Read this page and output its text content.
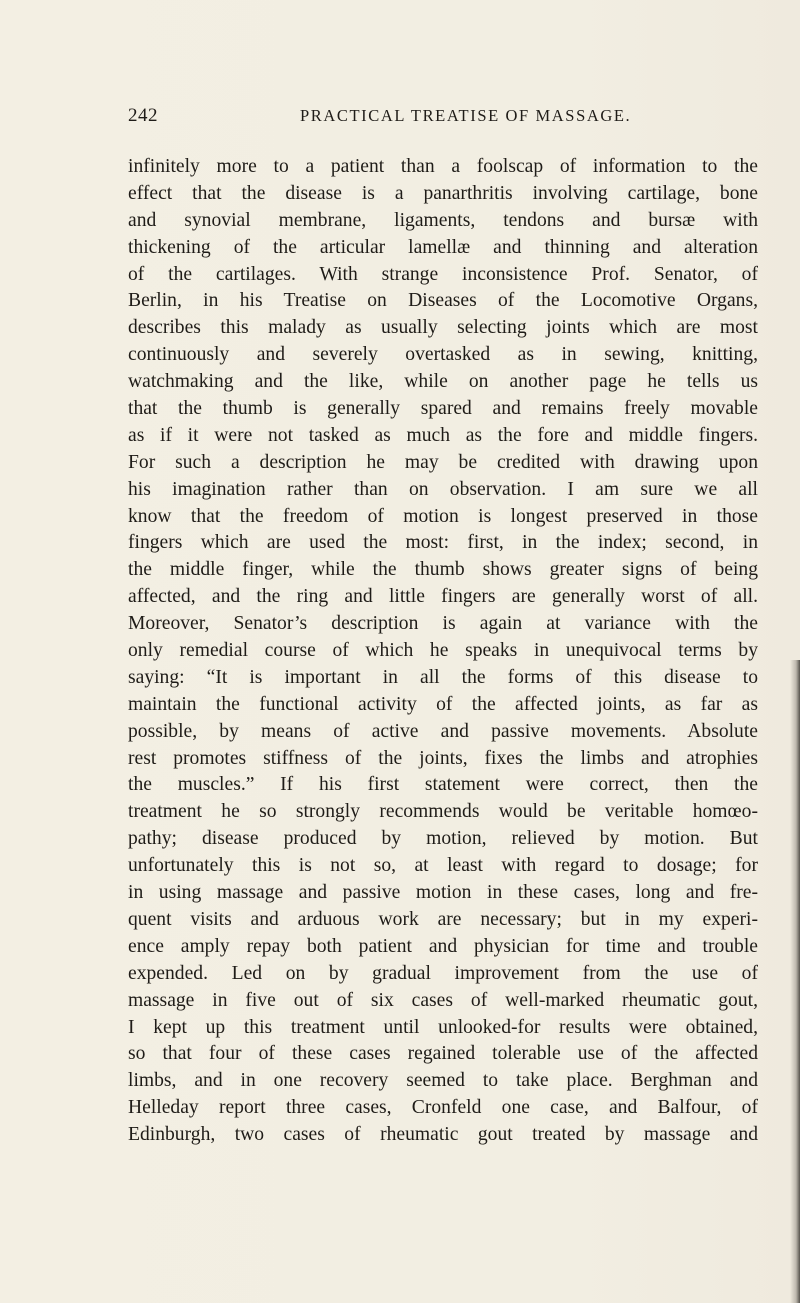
242	PRACTICAL TREATISE OF MASSAGE.
infinitely more to a patient than a foolscap of information to the
effect that the disease is a panarthritis involving cartilage, bone
and synovial membrane, ligaments, tendons and bursæ with
thickening of the articular lamellæ and thinning and alteration
of the cartilages. With strange inconsistence Prof. Senator, of
Berlin, in his Treatise on Diseases of the Locomotive Organs,
describes this malady as usually selecting joints which are most
continuously and severely overtasked as in sewing, knitting,
watchmaking and the like, while on another page he tells us
that the thumb is generally spared and remains freely movable
as if it were not tasked as much as the fore and middle fingers.
For such a description he may be credited with drawing upon
his imagination rather than on observation. I am sure we all
know that the freedom of motion is longest preserved in those
fingers which are used the most: first, in the index; second, in
the middle finger, while the thumb shows greater signs of being
affected, and the ring and little fingers are generally worst of all.
Moreover, Senator’s description is again at variance with the
only remedial course of which he speaks in unequivocal terms by
saying: “It is important in all the forms of this disease to
maintain the functional activity of the affected joints, as far as
possible, by means of active and passive movements. Absolute
rest promotes stiffness of the joints, fixes the limbs and atrophies
the muscles.” If his first statement were correct, then the
treatment he so strongly recommends would be veritable homœo-
pathy; disease produced by motion, relieved by motion. But
unfortunately this is not so, at least with regard to dosage; for
in using massage and passive motion in these cases, long and fre-
quent visits and arduous work are necessary; but in my experi-
ence amply repay both patient and physician for time and trouble
expended. Led on by gradual improvement from the use of
massage in five out of six cases of well-marked rheumatic gout,
I kept up this treatment until unlooked-for results were obtained,
so that four of these cases regained tolerable use of the affected
limbs, and in one recovery seemed to take place. Berghman and
Helleday report three cases, Cronfeld one case, and Balfour, of
Edinburgh, two cases of rheumatic gout treated by massage and
